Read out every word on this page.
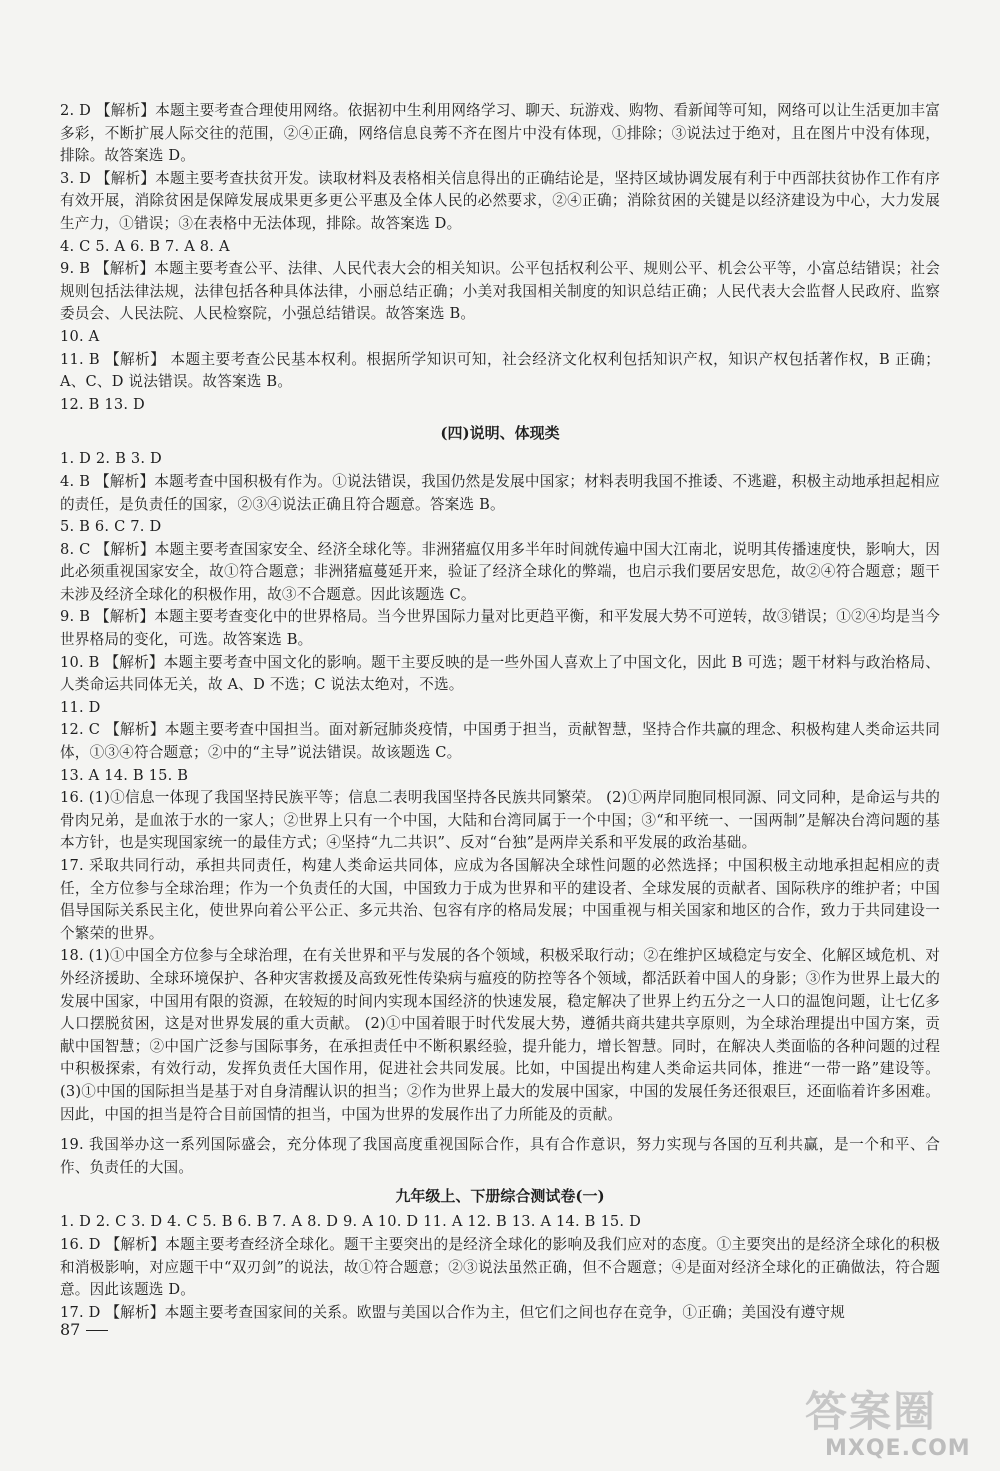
2. D 【解析】本题主要考查合理使用网络。依据初中生利用网络学习、聊天、玩游戏、购物、看新闻等可知，网络可以让生活更加丰富多彩，不断扩展人际交往的范围，②④正确，网络信息良莠不齐在图片中没有体现，①排除；③说法过于绝对，且在图片中没有体现，排除。故答案选 D。

3. D 【解析】本题主要考查扶贫开发。读取材料及表格相关信息得出的正确结论是，坚持区域协调发展有利于中西部扶贫协作工作有序有效开展，消除贫困是保障发展成果更多更公平惠及全体人民的必然要求，②④正确；消除贫困的关键是以经济建设为中心，大力发展生产力，①错误；③在表格中无法体现，排除。故答案选 D。

4. C 5. A 6. B 7. A 8. A

9. B 【解析】本题主要考查公平、法律、人民代表大会的相关知识。公平包括权利公平、规则公平、机会公平等，小富总结错误；社会规则包括法律法规，法律包括各种具体法律，小丽总结正确；小美对我国相关制度的知识总结正确；人民代表大会监督人民政府、监察委员会、人民法院、人民检察院，小强总结错误。故答案选 B。

10. A

11. B 【解析】 本题主要考查公民基本权利。根据所学知识可知，社会经济文化权利包括知识产权，知识产权包括著作权，B 正确；A、C、D 说法错误。故答案选 B。

12. B 13. D

(四)说明、体现类

1. D 2. B 3. D

4. B 【解析】本题考查中国积极有作为。①说法错误，我国仍然是发展中国家；材料表明我国不推诿、不逃避，积极主动地承担起相应的责任，是负责任的国家，②③④说法正确且符合题意。答案选 B。

5. B 6. C 7. D

8. C 【解析】本题主要考查国家安全、经济全球化等。非洲猪瘟仅用多半年时间就传遍中国大江南北，说明其传播速度快，影响大，因此必须重视国家安全，故①符合题意；非洲猪瘟蔓延开来，验证了经济全球化的弊端，也启示我们要居安思危，故②④符合题意；题干未涉及经济全球化的积极作用，故③不合题意。因此该题选 C。

9. B 【解析】本题主要考查变化中的世界格局。当今世界国际力量对比更趋平衡，和平发展大势不可逆转，故③错误；①②④均是当今世界格局的变化，可选。故答案选 B。

10. B 【解析】本题主要考查中国文化的影响。题干主要反映的是一些外国人喜欢上了中国文化，因此 B 可选；题干材料与政治格局、人类命运共同体无关，故 A、D 不选；C 说法太绝对，不选。

11. D

12. C 【解析】本题主要考查中国担当。面对新冠肺炎疫情，中国勇于担当，贡献智慧，坚持合作共赢的理念、积极构建人类命运共同体，①③④符合题意；②中的“主导”说法错误。故该题选 C。

13. A 14. B 15. B

16. (1)①信息一体现了我国坚持民族平等；信息二表明我国坚持各民族共同繁荣。 (2)①两岸同胞同根同源、同文同种，是命运与共的骨肉兄弟，是血浓于水的一家人；②世界上只有一个中国，大陆和台湾同属于一个中国；③“和平统一、一国两制”是解决台湾问题的基本方针，也是实现国家统一的最佳方式；④坚持“九二共识”、反对“台独”是两岸关系和平发展的政治基础。

17. 采取共同行动，承担共同责任，构建人类命运共同体，应成为各国解决全球性问题的必然选择；中国积极主动地承担起相应的责任，全方位参与全球治理；作为一个负责任的大国，中国致力于成为世界和平的建设者、全球发展的贡献者、国际秩序的维护者；中国倡导国际关系民主化，使世界向着公平公正、多元共治、包容有序的格局发展；中国重视与相关国家和地区的合作，致力于共同建设一个繁荣的世界。

18. (1)①中国全方位参与全球治理，在有关世界和平与发展的各个领域，积极采取行动；②在维护区域稳定与安全、化解区域危机、对外经济援助、全球环境保护、各种灾害救援及高致死性传染病与瘟疫的防控等各个领域，都活跃着中国人的身影；③作为世界上最大的发展中国家，中国用有限的资源，在较短的时间内实现本国经济的快速发展，稳定解决了世界上约五分之一人口的温饱问题，让七亿多人口摆脱贫困，这是对世界发展的重大贡献。 (2)①中国着眼于时代发展大势，遵循共商共建共享原则，为全球治理提出中国方案，贡献中国智慧；②中国广泛参与国际事务，在承担责任中不断积累经验，提升能力，增长智慧。同时，在解决人类面临的各种问题的过程中积极探索，有效行动，发挥负责任大国作用，促进社会共同发展。比如，中国提出构建人类命运共同体，推进“一带一路”建设等。 (3)①中国的国际担当是基于对自身清醒认识的担当；②作为世界上最大的发展中国家，中国的发展任务还很艰巨，还面临着许多困难。因此，中国的担当是符合目前国情的担当，中国为世界的发展作出了力所能及的贡献。

19. 我国举办这一系列国际盛会，充分体现了我国高度重视国际合作，具有合作意识，努力实现与各国的互利共赢，是一个和平、合作、负责任的大国。

九年级上、下册综合测试卷(一)

1. D 2. C 3. D 4. C 5. B 6. B 7. A 8. D 9. A 10. D 11. A 12. B 13. A 14. B 15. D

16. D 【解析】本题主要考查经济全球化。题干主要突出的是经济全球化的影响及我们应对的态度。①主要突出的是经济全球化的积极和消极影响，对应题干中“双刃剑”的说法，故①符合题意；②③说法虽然正确，但不合题意；④是面对经济全球化的正确做法，符合题意。因此该题选 D。

17. D 【解析】本题主要考查国家间的关系。欧盟与美国以合作为主，但它们之间也存在竞争，①正确；美国没有遵守规

87
答案圈
MXQE.COM
